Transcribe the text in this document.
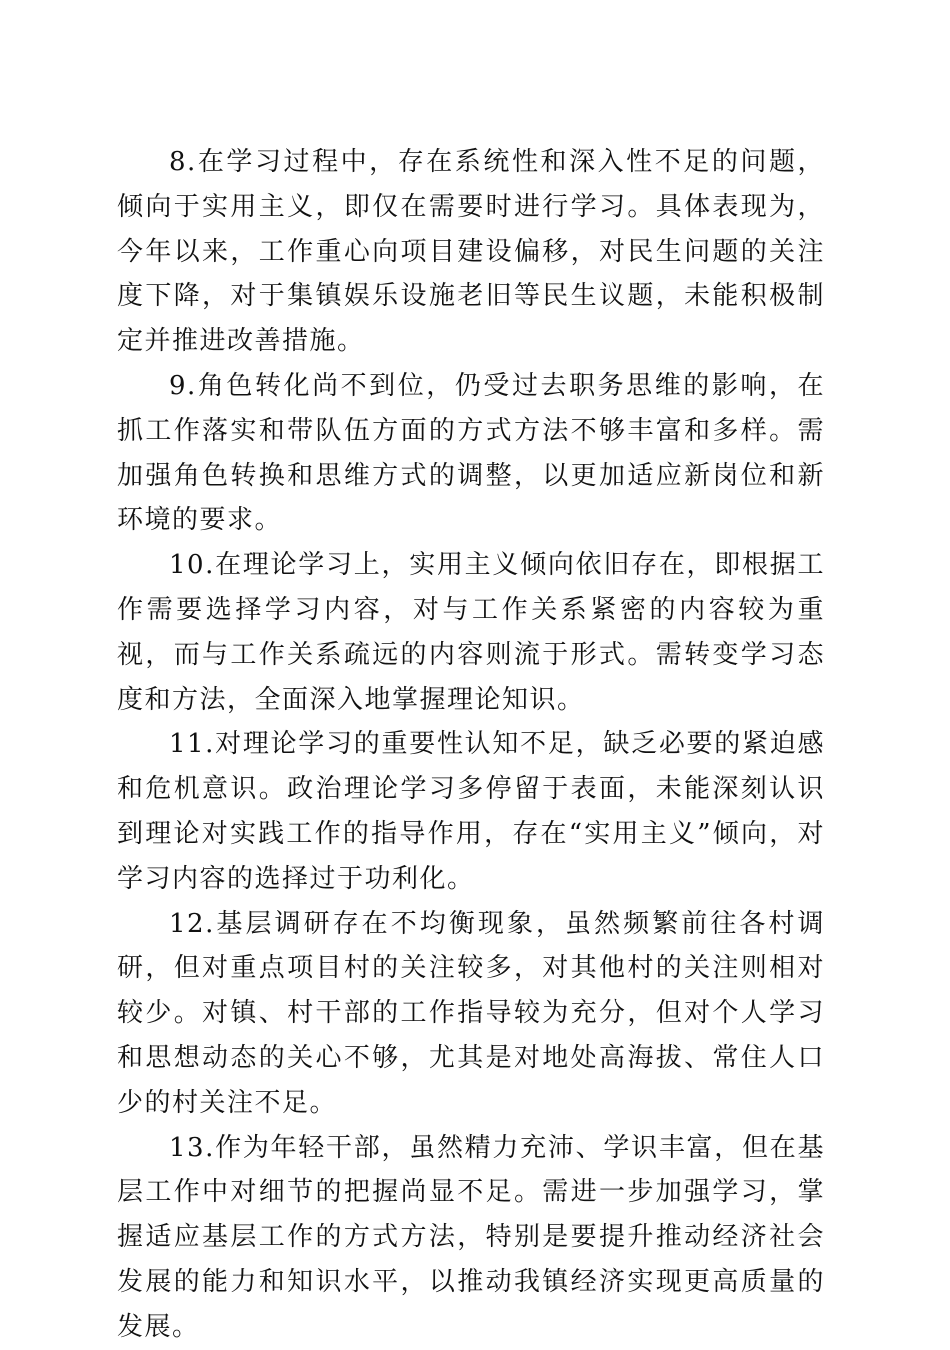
8.在学习过程中，存在系统性和深入性不足的问题，倾向于实用主义，即仅在需要时进行学习。具体表现为，今年以来，工作重心向项目建设偏移，对民生问题的关注度下降，对于集镇娱乐设施老旧等民生议题，未能积极制定并推进改善措施。

9.角色转化尚不到位，仍受过去职务思维的影响，在抓工作落实和带队伍方面的方式方法不够丰富和多样。需加强角色转换和思维方式的调整，以更加适应新岗位和新环境的要求。

10.在理论学习上，实用主义倾向依旧存在，即根据工作需要选择学习内容，对与工作关系紧密的内容较为重视，而与工作关系疏远的内容则流于形式。需转变学习态度和方法，全面深入地掌握理论知识。

11.对理论学习的重要性认知不足，缺乏必要的紧迫感和危机意识。政治理论学习多停留于表面，未能深刻认识到理论对实践工作的指导作用，存在“实用主义”倾向，对学习内容的选择过于功利化。

12.基层调研存在不均衡现象，虽然频繁前往各村调研，但对重点项目村的关注较多，对其他村的关注则相对较少。对镇、村干部的工作指导较为充分，但对个人学习和思想动态的关心不够，尤其是对地处高海拔、常住人口少的村关注不足。

13.作为年轻干部，虽然精力充沛、学识丰富，但在基层工作中对细节的把握尚显不足。需进一步加强学习，掌握适应基层工作的方式方法，特别是要提升推动经济社会发展的能力和知识水平，以推动我镇经济实现更高质量的发展。
